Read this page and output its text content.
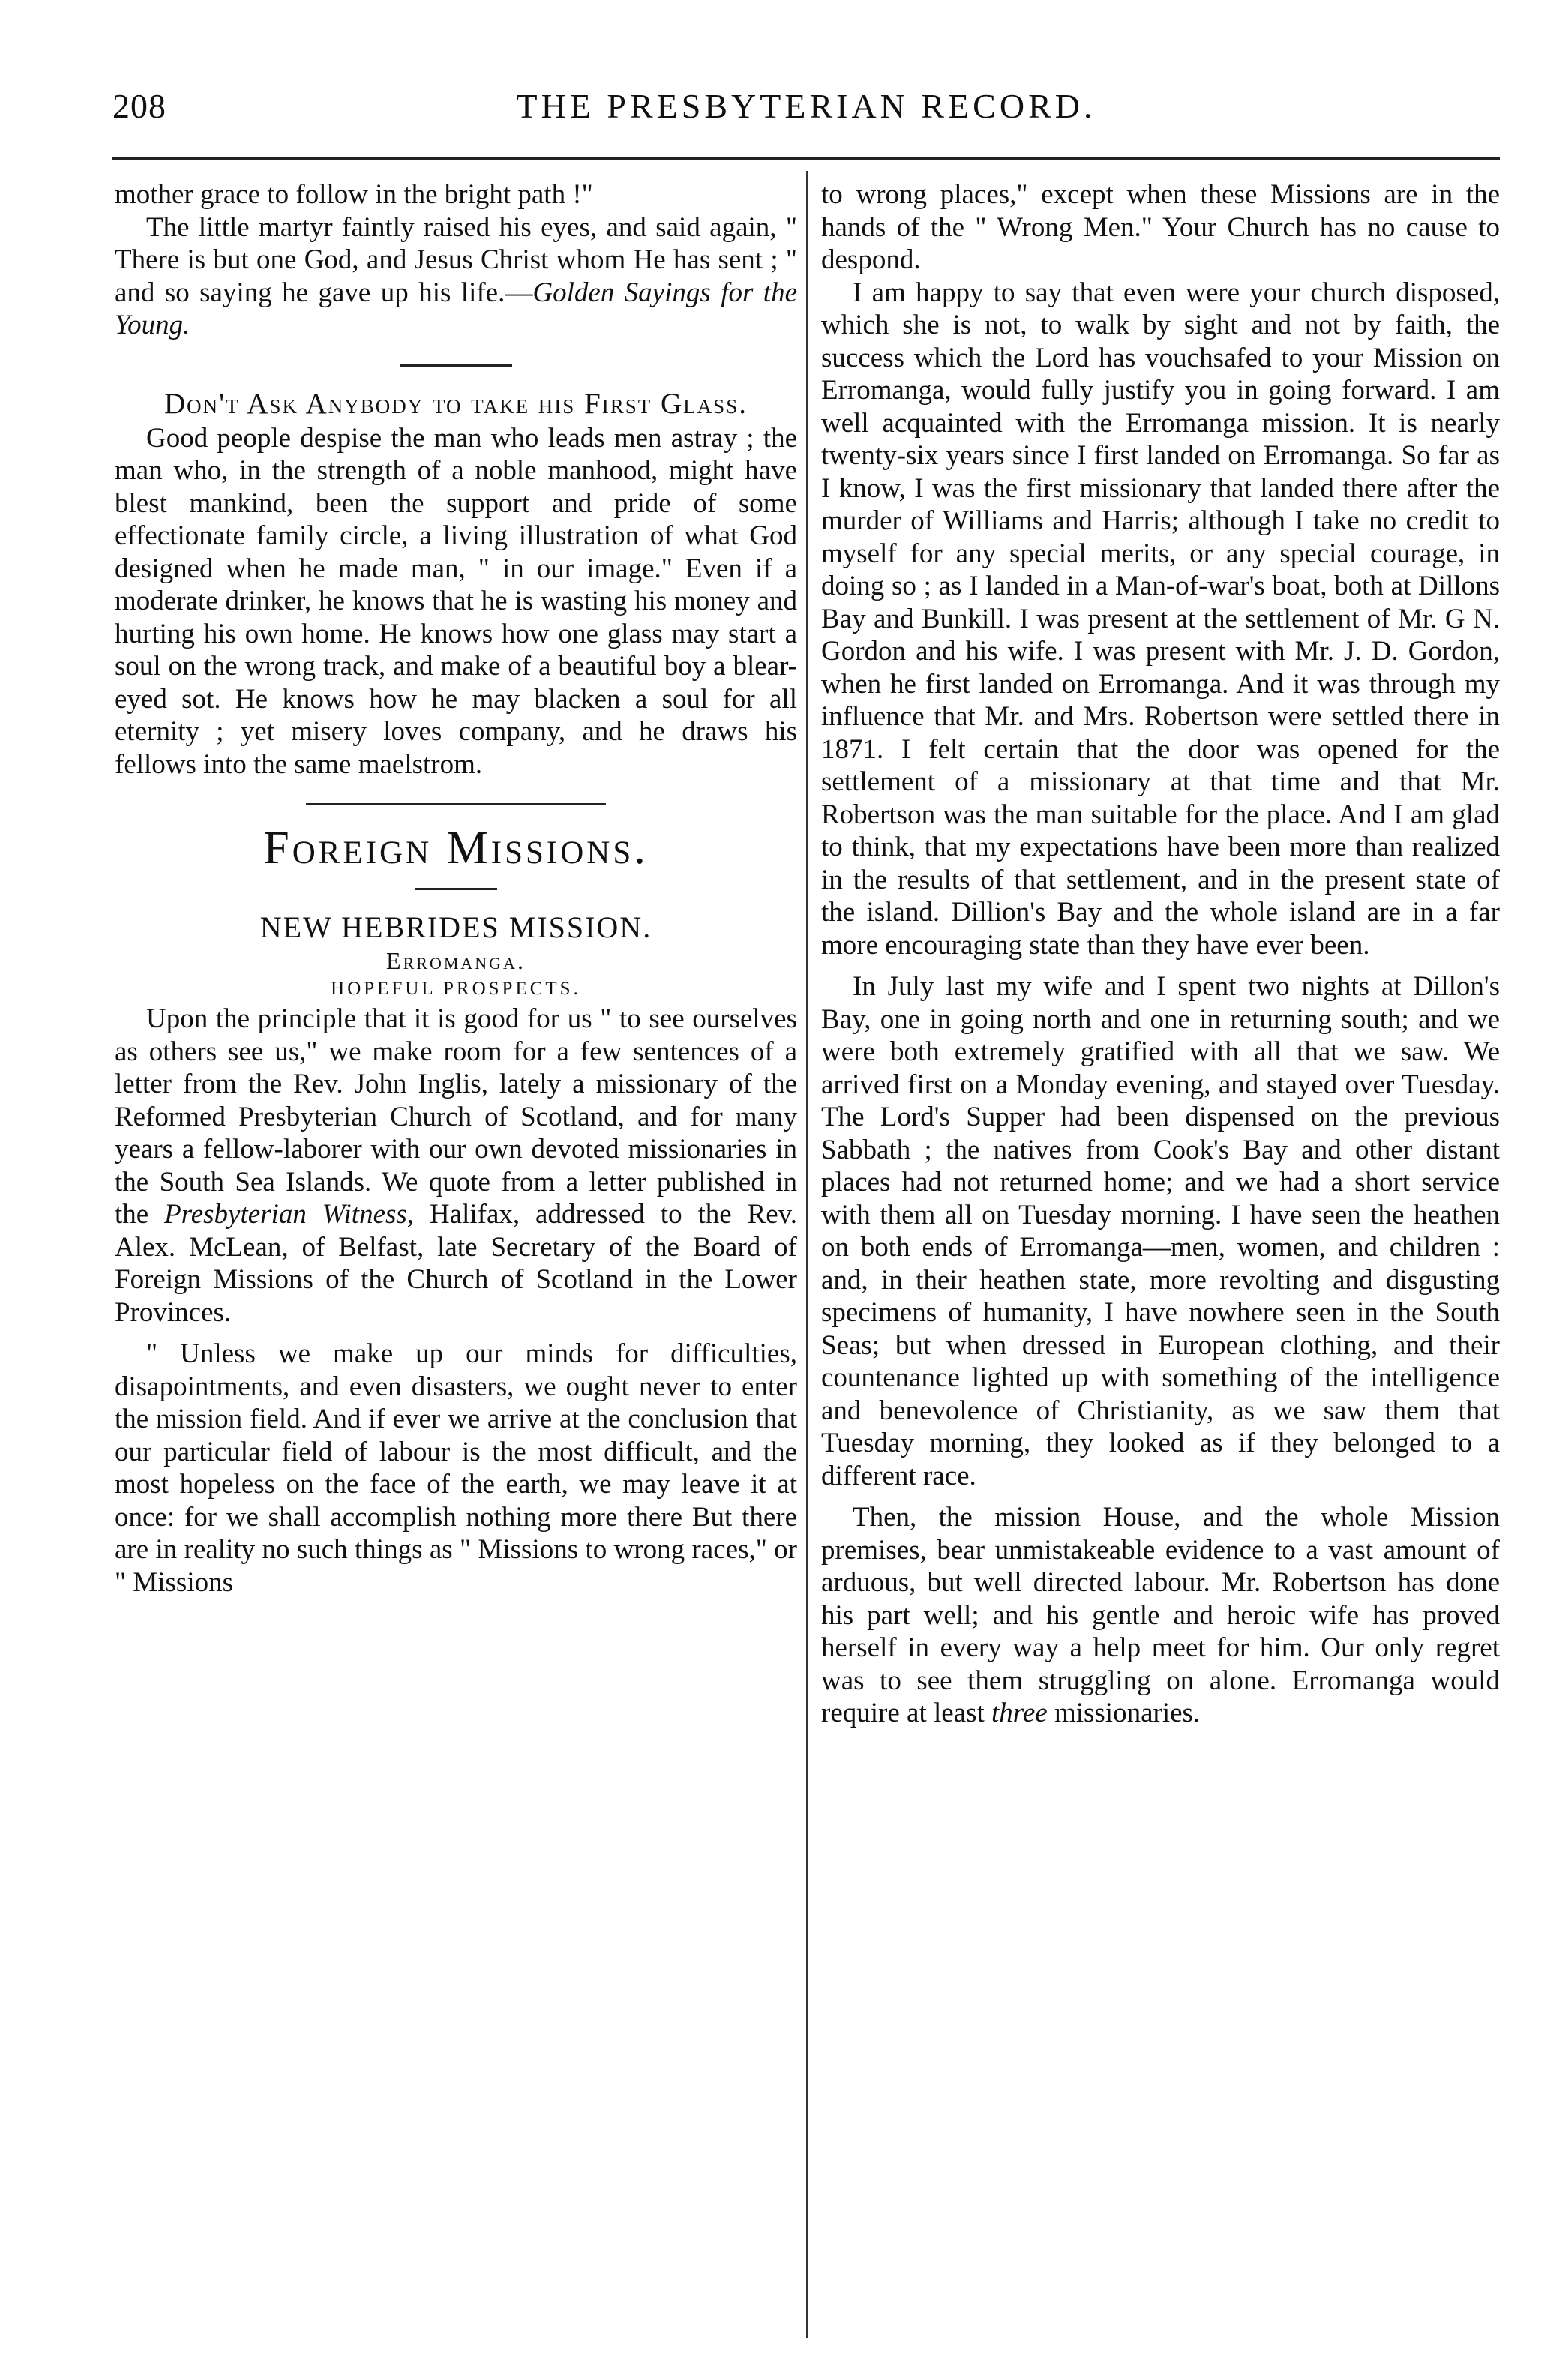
208	THE PRESBYTERIAN RECORD.

mother grace to follow in the bright path !"

The little martyr faintly raised his eyes, and said again, " There is but one God, and Jesus Christ whom He has sent ; " and so saying he gave up his life.—Golden Sayings for the Young.

Don't Ask Anybody to take his First Glass.

Good people despise the man who leads men astray ; the man who, in the strength of a noble manhood, might have blest mankind, been the support and pride of some effectionate family circle, a living illustration of what God designed when he made man, " in our image." Even if a moderate drinker, he knows that he is wasting his money and hurting his own home. He knows how one glass may start a soul on the wrong track, and make of a beautiful boy a blear-eyed sot. He knows how he may blacken a soul for all eternity ; yet misery loves company, and he draws his fellows into the same maelstrom.

Foreign Missions.

NEW HEBRIDES MISSION.

Erromanga.

HOPEFUL PROSPECTS.

Upon the principle that it is good for us " to see ourselves as others see us," we make room for a few sentences of a letter from the Rev. John Inglis, lately a missionary of the Reformed Presbyterian Church of Scotland, and for many years a fellow-laborer with our own devoted missionaries in the South Sea Islands. We quote from a letter published in the Presbyterian Witness, Halifax, addressed to the Rev. Alex. McLean, of Belfast, late Secretary of the Board of Foreign Missions of the Church of Scotland in the Lower Provinces.

" Unless we make up our minds for difficulties, disapointments, and even disasters, we ought never to enter the mission field. And if ever we arrive at the conclusion that our particular field of labour is the most difficult, and the most hopeless on the face of the earth, we may leave it at once: for we shall accomplish nothing more there But there are in reality no such things as " Missions to wrong races," or " Missions

to wrong places," except when these Missions are in the hands of the " Wrong Men." Your Church has no cause to despond.

I am happy to say that even were your church disposed, which she is not, to walk by sight and not by faith, the success which the Lord has vouchsafed to your Mission on Erromanga, would fully justify you in going forward. I am well acquainted with the Erromanga mission. It is nearly twenty-six years since I first landed on Erromanga. So far as I know, I was the first missionary that landed there after the murder of Williams and Harris; although I take no credit to myself for any special merits, or any special courage, in doing so ; as I landed in a Man-of-war's boat, both at Dillons Bay and Bunkill. I was present at the settlement of Mr. G N. Gordon and his wife. I was present with Mr. J. D. Gordon, when he first landed on Erromanga. And it was through my influence that Mr. and Mrs. Robertson were settled there in 1871. I felt certain that the door was opened for the settlement of a missionary at that time and that Mr. Robertson was the man suitable for the place. And I am glad to think, that my expectations have been more than realized in the results of that settlement, and in the present state of the island. Dillion's Bay and the whole island are in a far more encouraging state than they have ever been.

In July last my wife and I spent two nights at Dillon's Bay, one in going north and one in returning south; and we were both extremely gratified with all that we saw. We arrived first on a Monday evening, and stayed over Tuesday. The Lord's Supper had been dispensed on the previous Sabbath ; the natives from Cook's Bay and other distant places had not returned home; and we had a short service with them all on Tuesday morning. I have seen the heathen on both ends of Erromanga—men, women, and children : and, in their heathen state, more revolting and disgusting specimens of humanity, I have nowhere seen in the South Seas; but when dressed in European clothing, and their countenance lighted up with something of the intelligence and benevolence of Christianity, as we saw them that Tuesday morning, they looked as if they belonged to a different race.

Then, the mission House, and the whole Mission premises, bear unmistakeable evidence to a vast amount of arduous, but well directed labour. Mr. Robertson has done his part well; and his gentle and heroic wife has proved herself in every way a help meet for him. Our only regret was to see them struggling on alone. Erromanga would require at least three missionaries.
